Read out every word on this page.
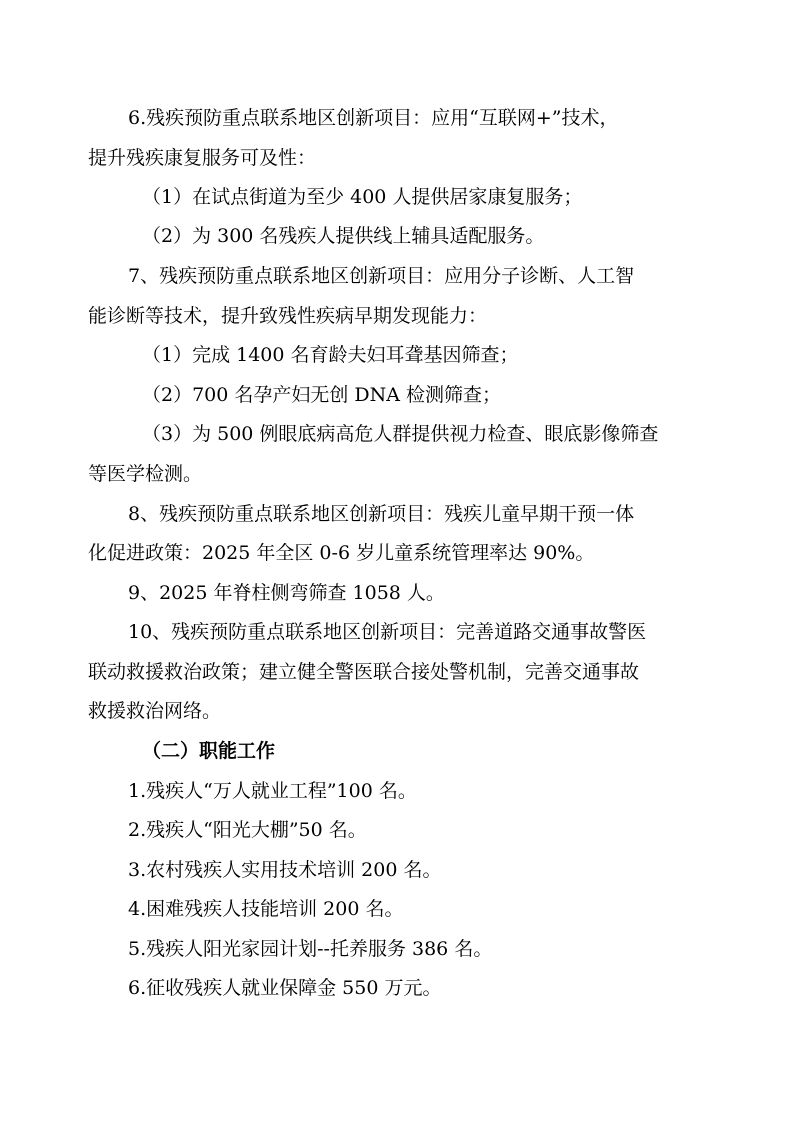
6.残疾预防重点联系地区创新项目：应用“互联网+”技术，

提升残疾康复服务可及性：

（1）在试点街道为至少 400 人提供居家康复服务；

（2）为 300 名残疾人提供线上辅具适配服务。

7、残疾预防重点联系地区创新项目：应用分子诊断、人工智

能诊断等技术，提升致残性疾病早期发现能力：

（1）完成 1400 名育龄夫妇耳聋基因筛查；

（2）700 名孕产妇无创 DNA 检测筛查；

（3）为 500 例眼底病高危人群提供视力检查、眼底影像筛查

等医学检测。

8、残疾预防重点联系地区创新项目：残疾儿童早期干预一体

化促进政策：2025 年全区 0-6 岁儿童系统管理率达 90%。

9、2025 年脊柱侧弯筛查 1058 人。

10、残疾预防重点联系地区创新项目：完善道路交通事故警医

联动救援救治政策；建立健全警医联合接处警机制，完善交通事故

救援救治网络。

（二）职能工作

1.残疾人“万人就业工程”100 名。

2.残疾人“阳光大棚”50 名。

3.农村残疾人实用技术培训 200 名。

4.困难残疾人技能培训 200 名。

5.残疾人阳光家园计划--托养服务 386 名。

6.征收残疾人就业保障金 550 万元。
